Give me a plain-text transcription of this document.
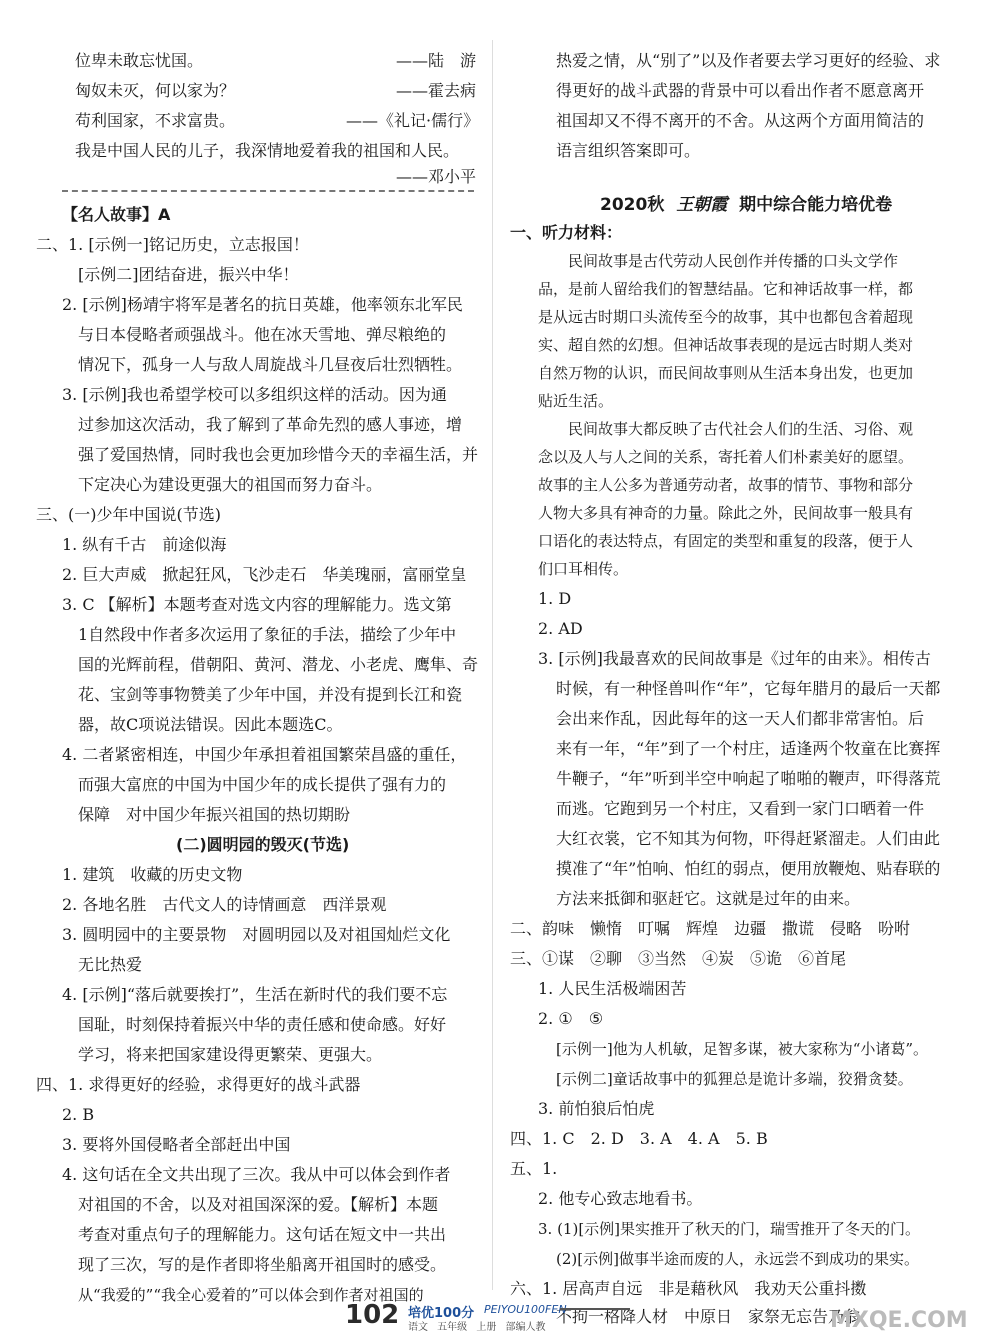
位卑未敢忘忧国。	——陆　游
匈奴未灭，何以家为？	——霍去病
苟利国家，不求富贵。	——《礼记·儒行》
我是中国人民的儿子，我深情地爱着我的祖国和人民。
——邓小平
【名人故事】A
二、1. [示例一]铭记历史，立志报国！
[示例二]团结奋进，振兴中华！
2. [示例]杨靖宇将军是著名的抗日英雄，他率领东北军民
与日本侵略者顽强战斗。他在冰天雪地、弹尽粮绝的
情况下，孤身一人与敌人周旋战斗几昼夜后壮烈牺牲。
3. [示例]我也希望学校可以多组织这样的活动。因为通
过参加这次活动，我了解到了革命先烈的感人事迹，增
强了爱国热情，同时我也会更加珍惜今天的幸福生活，并
下定决心为建设更强大的祖国而努力奋斗。
三、(一)少年中国说(节选)
1. 纵有千古　前途似海
2. 巨大声威　掀起狂风，飞沙走石　华美瑰丽，富丽堂皇
3. C 【解析】本题考查对选文内容的理解能力。选文第
1自然段中作者多次运用了象征的手法，描绘了少年中
国的光辉前程，借朝阳、黄河、潜龙、小老虎、鹰隼、奇
花、宝剑等事物赞美了少年中国，并没有提到长江和瓷
器，故C项说法错误。因此本题选C。
4. 二者紧密相连，中国少年承担着祖国繁荣昌盛的重任，
而强大富庶的中国为中国少年的成长提供了强有力的
保障　对中国少年振兴祖国的热切期盼
(二)圆明园的毁灭(节选)
1. 建筑　收藏的历史文物
2. 各地名胜　古代文人的诗情画意　西洋景观
3. 圆明园中的主要景物　对圆明园以及对祖国灿烂文化
无比热爱
4. [示例]“落后就要挨打”，生活在新时代的我们要不忘
国耻，时刻保持着振兴中华的责任感和使命感。好好
学习，将来把国家建设得更繁荣、更强大。
四、1. 求得更好的经验，求得更好的战斗武器
2. B
3. 要将外国侵略者全部赶出中国
4. 这句话在全文共出现了三次。我从中可以体会到作者
对祖国的不舍，以及对祖国深深的爱。【解析】本题
考查对重点句子的理解能力。这句话在短文中一共出
现了三次，写的是作者即将坐船离开祖国时的感受。
从“我爱的”“我全心爱着的”可以体会到作者对祖国的
热爱之情，从“别了”以及作者要去学习更好的经验、求
得更好的战斗武器的背景中可以看出作者不愿意离开
祖国却又不得不离开的不舍。从这两个方面用简洁的
语言组织答案即可。
2020秋 王朝霞 期中综合能力培优卷
一、听力材料：
民间故事是古代劳动人民创作并传播的口头文学作
品，是前人留给我们的智慧结晶。它和神话故事一样，都
是从远古时期口头流传至今的故事，其中也都包含着超现
实、超自然的幻想。但神话故事表现的是远古时期人类对
自然万物的认识，而民间故事则从生活本身出发，也更加
贴近生活。
民间故事大都反映了古代社会人们的生活、习俗、观
念以及人与人之间的关系，寄托着人们朴素美好的愿望。
故事的主人公多为普通劳动者，故事的情节、事物和部分
人物大多具有神奇的力量。除此之外，民间故事一般具有
口语化的表达特点，有固定的类型和重复的段落，便于人
们口耳相传。
1. D
2. AD
3. [示例]我最喜欢的民间故事是《过年的由来》。相传古
时候，有一种怪兽叫作“年”，它每年腊月的最后一天都
会出来作乱，因此每年的这一天人们都非常害怕。后
来有一年，“年”到了一个村庄，适逢两个牧童在比赛挥
牛鞭子，“年”听到半空中响起了啪啪的鞭声，吓得落荒
而逃。它跑到另一个村庄，又看到一家门口晒着一件
大红衣裳，它不知其为何物，吓得赶紧溜走。人们由此
摸准了“年”怕响、怕红的弱点，便用放鞭炮、贴春联的
方法来抵御和驱赶它。这就是过年的由来。
二、韵味　懒惰　叮嘱　辉煌　边疆　撒谎　侵略　吩咐
三、①谋　②聊　③当然　④炭　⑤诡　⑥首尾
1. 人民生活极端困苦
2. ①　⑤
[示例一]他为人机敏，足智多谋，被大家称为“小诸葛”。
[示例二]童话故事中的狐狸总是诡计多端，狡猾贪婪。
3. 前怕狼后怕虎
四、1. C　2. D　3. A　4. A　5. B
五、1.
2. 他专心致志地看书。
3. (1)[示例]果实推开了秋天的门，瑞雪推开了冬天的门。
(2)[示例]做事半途而废的人，永远尝不到成功的果实。
六、1. 居高声自远　非是藉秋风　我劝天公重抖擞
不拘一格降人材　中原日　家祭无忘告乃翁
102 培优100分 PEIYOU100FEN
语文 五年级 上册 部编人教	MXQE.COM
